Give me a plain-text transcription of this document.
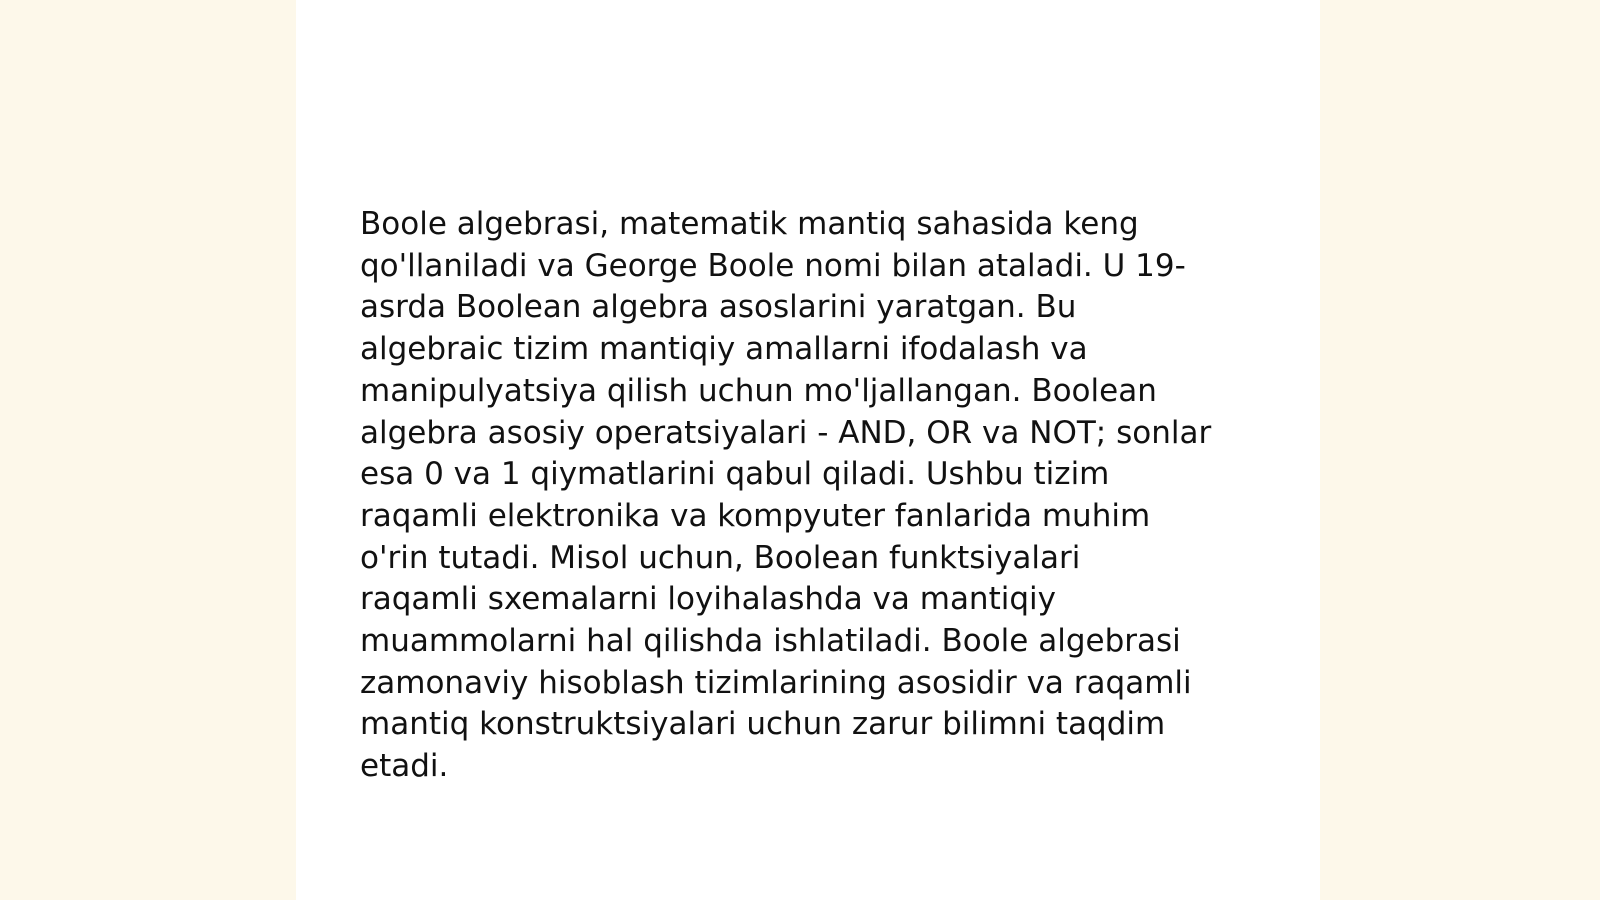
Boole algebrasi, matematik mantiq sahasida keng
qo'llaniladi va George Boole nomi bilan ataladi. U 19-
asrda Boolean algebra asoslarini yaratgan. Bu
algebraic tizim mantiqiy amallarni ifodalash va
manipulyatsiya qilish uchun mo'ljallangan. Boolean
algebra asosiy operatsiyalari - AND, OR va NOT; sonlar
esa 0 va 1 qiymatlarini qabul qiladi. Ushbu tizim
raqamli elektronika va kompyuter fanlarida muhim
o'rin tutadi. Misol uchun, Boolean funktsiyalari
raqamli sxemalarni loyihalashda va mantiqiy
muammolarni hal qilishda ishlatiladi. Boole algebrasi
zamonaviy hisoblash tizimlarining asosidir va raqamli
mantiq konstruktsiyalari uchun zarur bilimni taqdim
etadi.
